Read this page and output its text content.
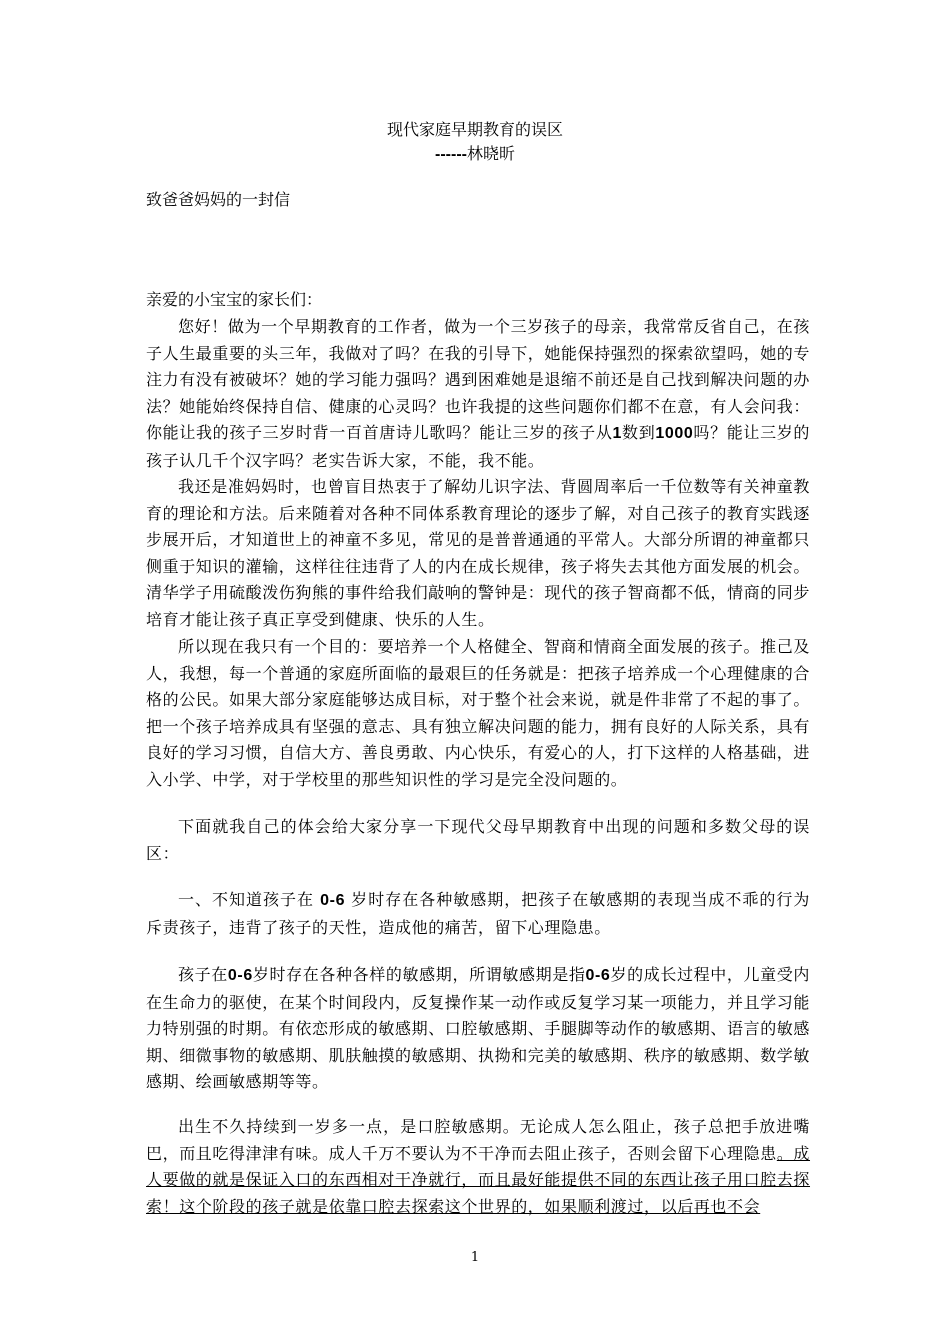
现代家庭早期教育的误区
------林晓昕
致爸爸妈妈的一封信
亲爱的小宝宝的家长们：

您好！做为一个早期教育的工作者，做为一个三岁孩子的母亲，我常常反省自己，在孩子人生最重要的头三年，我做对了吗？在我的引导下，她能保持强烈的探索欲望吗，她的专注力有没有被破坏？她的学习能力强吗？遇到困难她是退缩不前还是自己找到解决问题的办法？她能始终保持自信、健康的心灵吗？也许我提的这些问题你们都不在意，有人会问我：你能让我的孩子三岁时背一百首唐诗儿歌吗？能让三岁的孩子从1数到1000吗？能让三岁的孩子认几千个汉字吗？老实告诉大家，不能，我不能。

我还是准妈妈时，也曾盲目热衷于了解幼儿识字法、背圆周率后一千位数等有关神童教育的理论和方法。后来随着对各种不同体系教育理论的逐步了解，对自己孩子的教育实践逐步展开后，才知道世上的神童不多见，常见的是普普通通的平常人。大部分所谓的神童都只侧重于知识的灌输，这样往往违背了人的内在成长规律，孩子将失去其他方面发展的机会。清华学子用硫酸泼伤狗熊的事件给我们敲响的警钟是：现代的孩子智商都不低，情商的同步培育才能让孩子真正享受到健康、快乐的人生。

所以现在我只有一个目的：要培养一个人格健全、智商和情商全面发展的孩子。推己及人，我想，每一个普通的家庭所面临的最艰巨的任务就是：把孩子培养成一个心理健康的合格的公民。如果大部分家庭能够达成目标，对于整个社会来说，就是件非常了不起的事了。把一个孩子培养成具有坚强的意志、具有独立解决问题的能力，拥有良好的人际关系，具有良好的学习习惯，自信大方、善良勇敢、内心快乐，有爱心的人，打下这样的人格基础，进入小学、中学，对于学校里的那些知识性的学习是完全没问题的。

下面就我自己的体会给大家分享一下现代父母早期教育中出现的问题和多数父母的误区：

一、不知道孩子在 0-6 岁时存在各种敏感期，把孩子在敏感期的表现当成不乖的行为斥责孩子，违背了孩子的天性，造成他的痛苦，留下心理隐患。

孩子在0-6岁时存在各种各样的敏感期，所谓敏感期是指0-6岁的成长过程中，儿童受内在生命力的驱使，在某个时间段内，反复操作某一动作或反复学习某一项能力，并且学习能力特别强的时期。有依恋形成的敏感期、口腔敏感期、手腿脚等动作的敏感期、语言的敏感期、细微事物的敏感期、肌肤触摸的敏感期、执拗和完美的敏感期、秩序的敏感期、数学敏感期、绘画敏感期等等。

出生不久持续到一岁多一点，是口腔敏感期。无论成人怎么阻止，孩子总把手放进嘴巴，而且吃得津津有味。成人千万不要认为不干净而去阻止孩子，否则会留下心理隐患。成人要做的就是保证入口的东西相对干净就行，而且最好能提供不同的东西让孩子用口腔去探索！这个阶段的孩子就是依靠口腔去探索这个世界的，如果顺利渡过，以后再也不会

1
